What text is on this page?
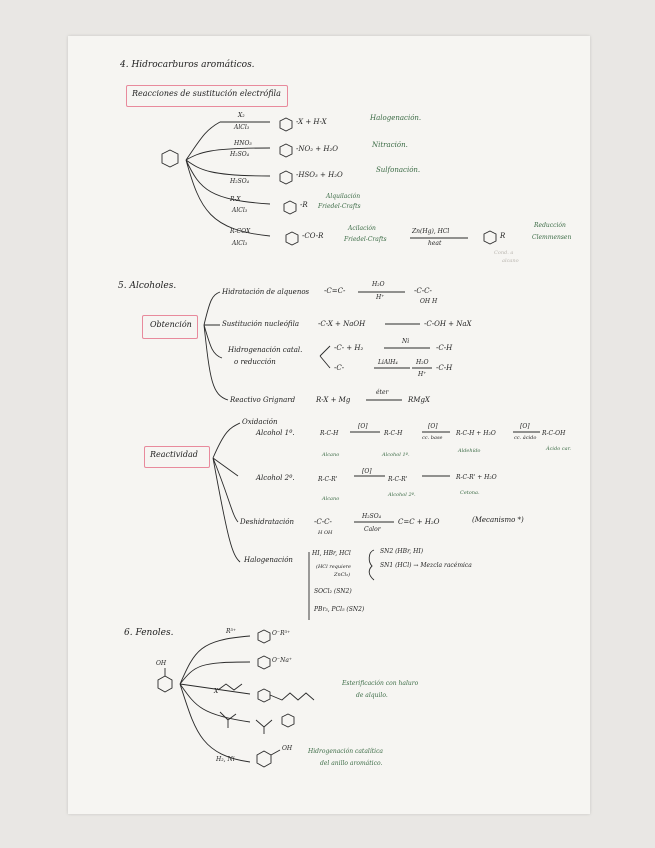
4. Hidrocarburos aromáticos.
Reacciones de sustitución electrófila
X₂
AlCl₃
-X + H-X	Halogenación.
HNO₃
H₂SO₄
-NO₂ + H₂O	Nitración.
H₂SO₄
-HSO₃ + H₂O
Sulfonación.
R-X
AlCl₃
-R
Alquilación
Friedel-Crafts
R-COX
AlCl₃
-CO-R
Acilación
Friedel-Crafts
Zn(Hg), HCl
heat
R
Reducción
Clemmensen
Cond. a
alcano
5. Alcoholes.
Obtención
Hidratación de alquenos -C=C-
H₂O
H⁺
-C-C-
OH H
Sustitución nucleófila	-C-X + NaOH	-C-OH + NaX
Hidrogenación catal.
o reducción
-C- + H₂
Ni
-C-H
-C-
LiAlH₄	H₂O
H⁺
-C-H
Reactivo Grignard	R-X + Mg
éter
RMgX
Reactividad
Oxidación
Alcohol 1º.	R-C-H
Alcano
[O]
R-C-H
Alcohol 1º.
[O]
cc. base
R-C-H + H₂O
Aldehído
[O]
cc. ácido
R-C-OH
Ácido car.
Alcohol 2º.	R-C-R'
Alcano
[O]
R-C-R'
Alcohol 2º.
R-C-R' + H₂O
Cetona.
Deshidratación	-C-C-
H OH
H₂SO₄
Calor
C=C + H₂O	(Mecanismo *)
Halogenación
HI, HBr, HCl
(HCl requiere
ZnCl₂)
SN2 (HBr, HI)
SN1 (HCl) → Mezcla racémica
SOCl₂ (SN2)
PBr₃, PCl₅ (SN2)
6. Fenoles.
OH
R³⁺	O⁻R³⁺
O⁻Na⁺
X
Esterificación con haluro
de alquilo.
H₂, Ni
OH	Hidrogenación catalítica
del anillo aromático.
